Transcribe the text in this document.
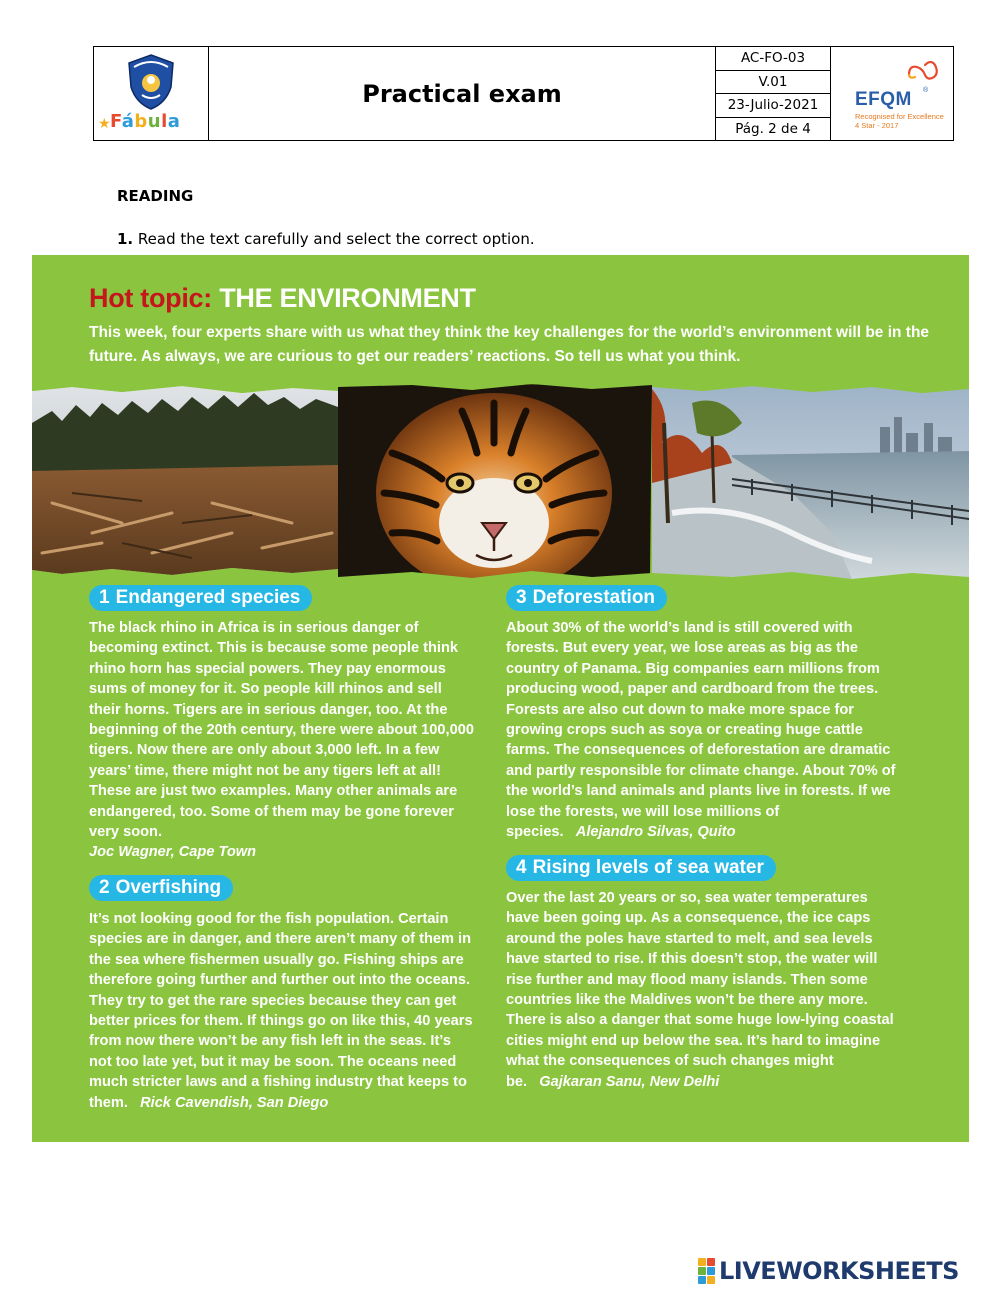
★ Fábula
Practical exam
AC-FO-03
V.01
23-Julio-2021
Pág. 2 de 4
EFQM ®
Recognised for Excellence
4 Star - 2017
READING
1. Read the text carefully and select the correct option.
Hot topic: THE ENVIRONMENT
This week, four experts share with us what they think the key challenges for the world’s environment will be in the future. As always, we are curious to get our readers’ reactions. So tell us what you think.
1 Endangered species
The black rhino in Africa is in serious danger of becoming extinct. This is because some people think rhino horn has special powers. They pay enormous sums of money for it. So people kill rhinos and sell their horns. Tigers are in serious danger, too. At the beginning of the 20th century, there were about 100,000 tigers. Now there are only about 3,000 left. In a few years’ time, there might not be any tigers left at all! These are just two examples. Many other animals are endangered, too. Some of them may be gone forever very soon.
Joc Wagner, Cape Town
2 Overfishing
It’s not looking good for the fish population. Certain species are in danger, and there aren’t many of them in the sea where fishermen usually go. Fishing ships are therefore going further and further out into the oceans. They try to get the rare species because they can get better prices for them. If things go on like this, 40 years from now there won’t be any fish left in the seas. It’s not too late yet, but it may be soon. The oceans need much stricter laws and a fishing industry that keeps to them. Rick Cavendish, San Diego
3 Deforestation
About 30% of the world’s land is still covered with forests. But every year, we lose areas as big as the country of Panama. Big companies earn millions from producing wood, paper and cardboard from the trees. Forests are also cut down to make more space for growing crops such as soya or creating huge cattle farms. The consequences of deforestation are dramatic and partly responsible for climate change. About 70% of the world’s land animals and plants live in forests. If we lose the forests, we will lose millions of species. Alejandro Silvas, Quito
4 Rising levels of sea water
Over the last 20 years or so, sea water temperatures have been going up. As a consequence, the ice caps around the poles have started to melt, and sea levels have started to rise. If this doesn’t stop, the water will rise further and may flood many islands. Then some countries like the Maldives won’t be there any more. There is also a danger that some huge low-lying coastal cities might end up below the sea. It’s hard to imagine what the consequences of such changes might be. Gajkaran Sanu, New Delhi
LIVEWORKSHEETS
